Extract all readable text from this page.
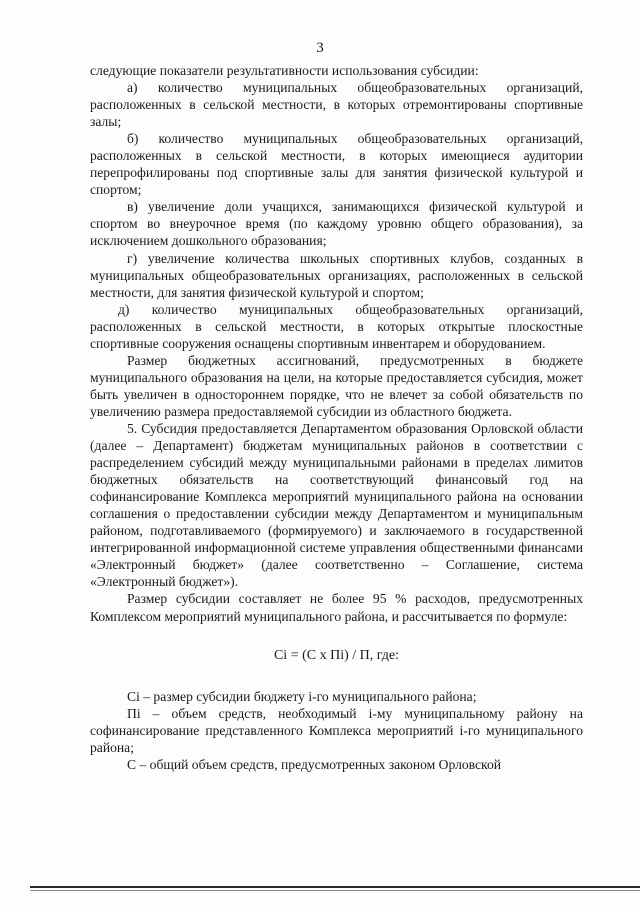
3

следующие показатели результативности использования субсидии:

а) количество муниципальных общеобразовательных организаций, расположенных в сельской местности, в которых отремонтированы спортивные залы;

б) количество муниципальных общеобразовательных организаций, расположенных в сельской местности, в которых имеющиеся аудитории перепрофилированы под спортивные залы для занятия физической культурой и спортом;

в) увеличение доли учащихся, занимающихся физической культурой и спортом во внеурочное время (по каждому уровню общего образования), за исключением дошкольного образования;

г) увеличение количества школьных спортивных клубов, созданных в муниципальных общеобразовательных организациях, расположенных в сельской местности, для занятия физической культурой и спортом;

д) количество муниципальных общеобразовательных организаций, расположенных в сельской местности, в которых открытые плоскостные спортивные сооружения оснащены спортивным инвентарем и оборудованием.

Размер бюджетных ассигнований, предусмотренных в бюджете муниципального образования на цели, на которые предоставляется субсидия, может быть увеличен в одностороннем порядке, что не влечет за собой обязательств по увеличению размера предоставляемой субсидии из областного бюджета.

5. Субсидия предоставляется Департаментом образования Орловской области (далее – Департамент) бюджетам муниципальных районов в соответствии с распределением субсидий между муниципальными районами в пределах лимитов бюджетных обязательств на соответствующий финансовый год на софинансирование Комплекса мероприятий муниципального района на основании соглашения о предоставлении субсидии между Департаментом и муниципальным районом, подготавливаемого (формируемого) и заключаемого в государственной интегрированной информационной системе управления общественными финансами «Электронный бюджет» (далее соответственно – Соглашение, система «Электронный бюджет»).

Размер субсидии составляет не более 95 % расходов, предусмотренных Комплексом мероприятий муниципального района, и рассчитывается по формуле:

Сi = (С х Пi) / П, где:

Сi – размер субсидии бюджету i-го муниципального района;

Пi – объем средств, необходимый i-му муниципальному району на софинансирование представленного Комплекса мероприятий i-го муниципального района;

С – общий объем средств, предусмотренных законом Орловской
